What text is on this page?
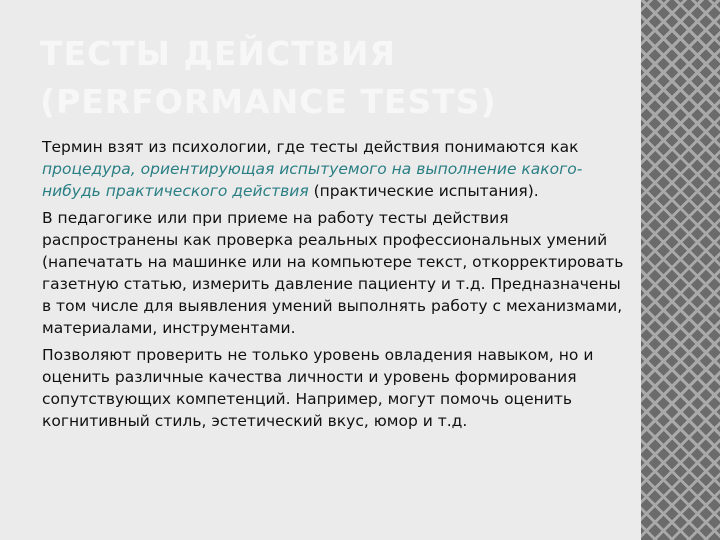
ТЕСТЫ ДЕЙСТВИЯ
(PERFORMANCE TESTS)

Термин взят из психологии, где тесты действия понимаются как процедура, ориентирующая испытуемого на выполнение какого-нибудь практического действия (практические испытания).

В педагогике или при приеме на работу тесты действия распространены как проверка реальных профессиональных умений (напечатать на машинке или на компьютере текст, откорректировать газетную статью, измерить давление пациенту и т.д. Предназначены в том числе для выявления умений выполнять работу с механизмами, материалами, инструментами.

Позволяют проверить не только уровень овладения навыком, но и оценить различные качества личности и уровень формирования сопутствующих компетенций. Например, могут помочь оценить когнитивный стиль, эстетический вкус, юмор и т.д.
